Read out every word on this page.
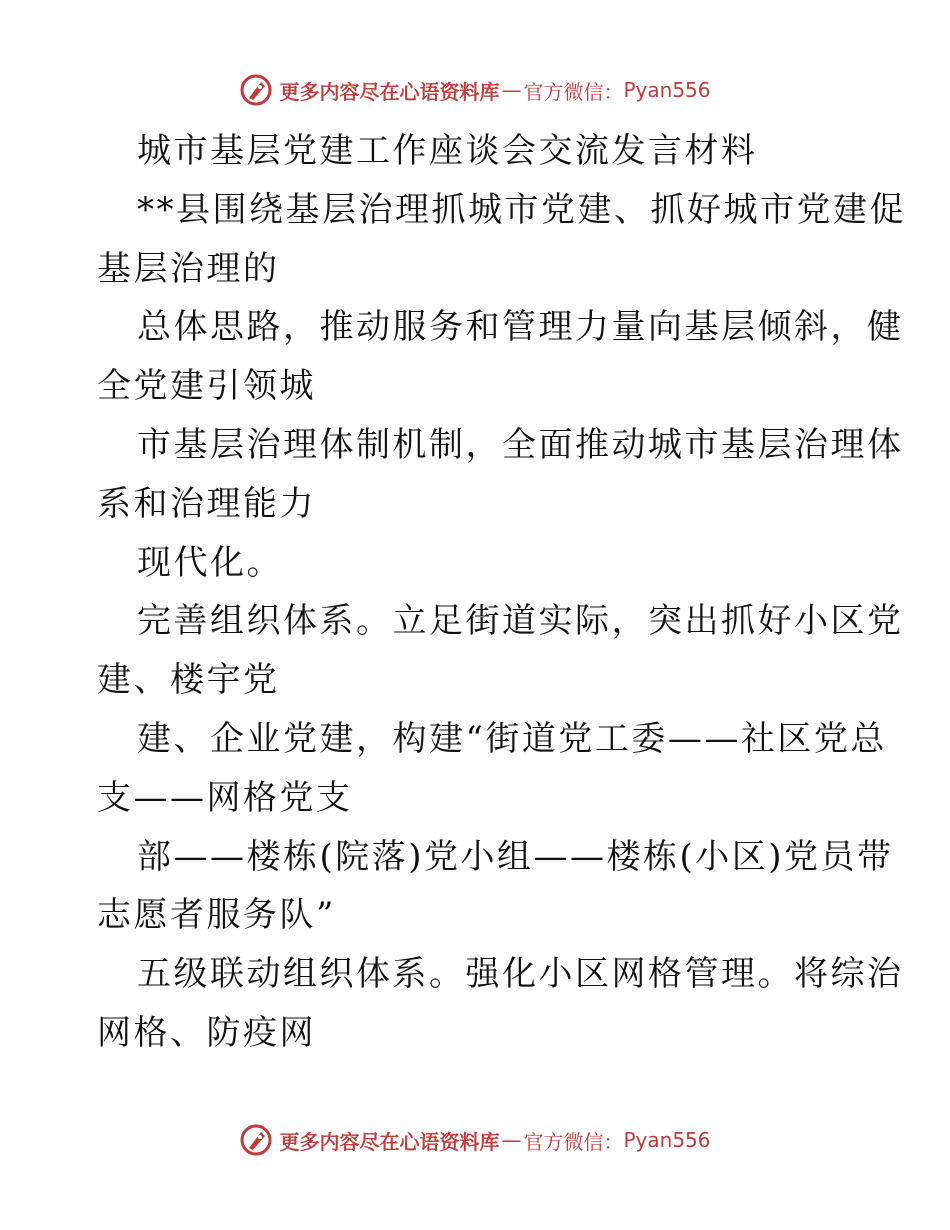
更多内容尽在心语资料库 — 官方微信： Pyan556
城市基层党建工作座谈会交流发言材料
**县围绕基层治理抓城市党建、抓好城市党建促
基层治理的
总体思路，推动服务和管理力量向基层倾斜，健
全党建引领城
市基层治理体制机制，全面推动城市基层治理体
系和治理能力
现代化。
完善组织体系。立足街道实际，突出抓好小区党
建、楼宇党
建、企业党建，构建“街道党工委——社区党总
支——网格党支
部——楼栋(院落)党小组——楼栋(小区)党员带
志愿者服务队”
五级联动组织体系。强化小区网格管理。将综治
网格、防疫网
更多内容尽在心语资料库 — 官方微信： Pyan556
